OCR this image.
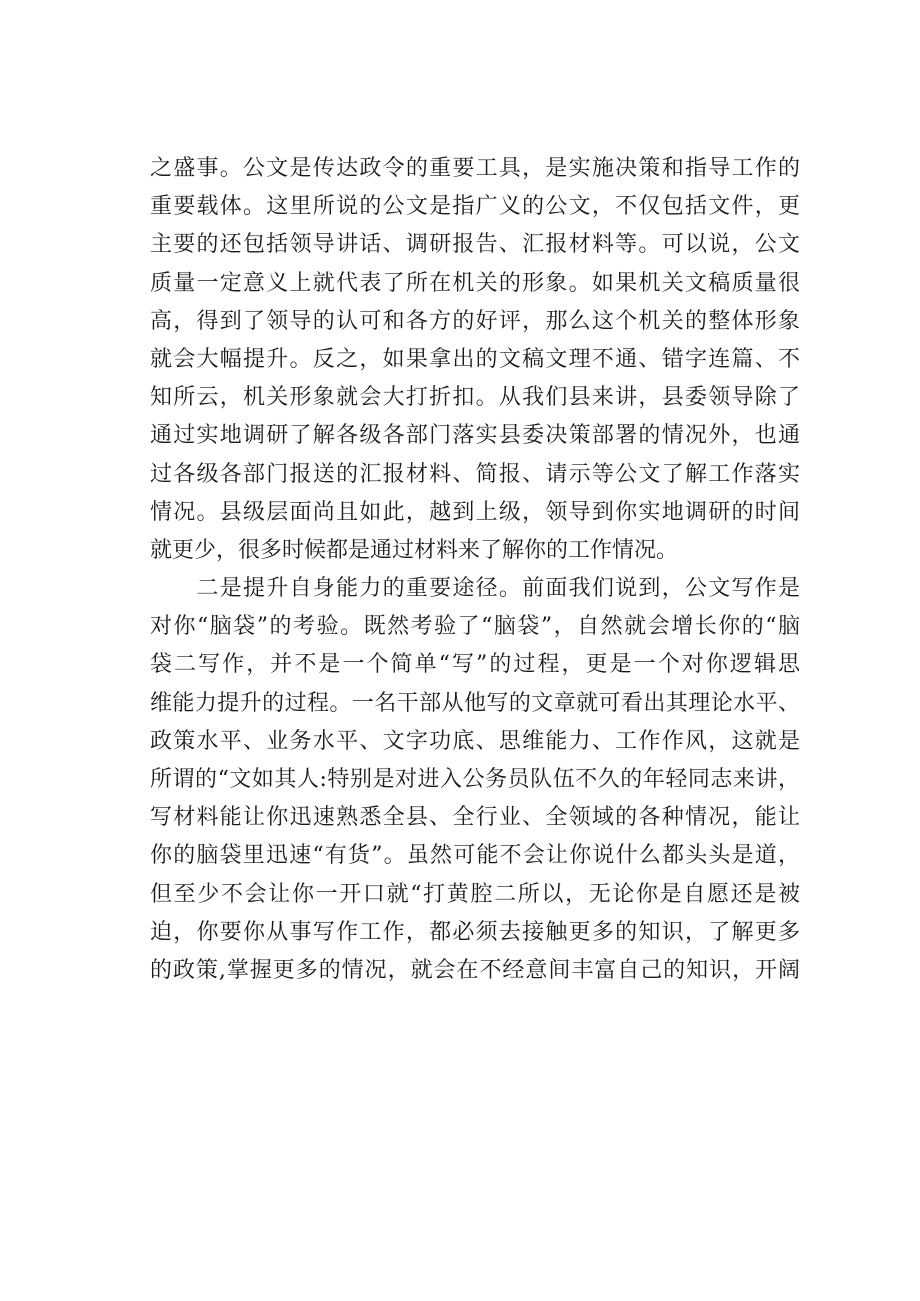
之盛事。公文是传达政令的重要工具，是实施决策和指导工作的
重要载体。这里所说的公文是指广义的公文，不仅包括文件，更
主要的还包括领导讲话、调研报告、汇报材料等。可以说，公文
质量一定意义上就代表了所在机关的形象。如果机关文稿质量很
高，得到了领导的认可和各方的好评，那么这个机关的整体形象
就会大幅提升。反之，如果拿出的文稿文理不通、错字连篇、不
知所云，机关形象就会大打折扣。从我们县来讲，县委领导除了
通过实地调研了解各级各部门落实县委决策部署的情况外，也通
过各级各部门报送的汇报材料、简报、请示等公文了解工作落实
情况。县级层面尚且如此，越到上级，领导到你实地调研的时间
就更少，很多时候都是通过材料来了解你的工作情况。
　　二是提升自身能力的重要途径。前面我们说到，公文写作是
对你“脑袋”的考验。既然考验了“脑袋”，自然就会增长你的“脑
袋二写作，并不是一个简单“写”的过程，更是一个对你逻辑思
维能力提升的过程。一名干部从他写的文章就可看出其理论水平、
政策水平、业务水平、文字功底、思维能力、工作作风，这就是
所谓的“文如其人:特别是对进入公务员队伍不久的年轻同志来讲，
写材料能让你迅速熟悉全县、全行业、全领域的各种情况，能让
你的脑袋里迅速“有货”。虽然可能不会让你说什么都头头是道，
但至少不会让你一开口就“打黄腔二所以，无论你是自愿还是被
迫，你要你从事写作工作，都必须去接触更多的知识，了解更多
的政策,掌握更多的情况，就会在不经意间丰富自己的知识，开阔
